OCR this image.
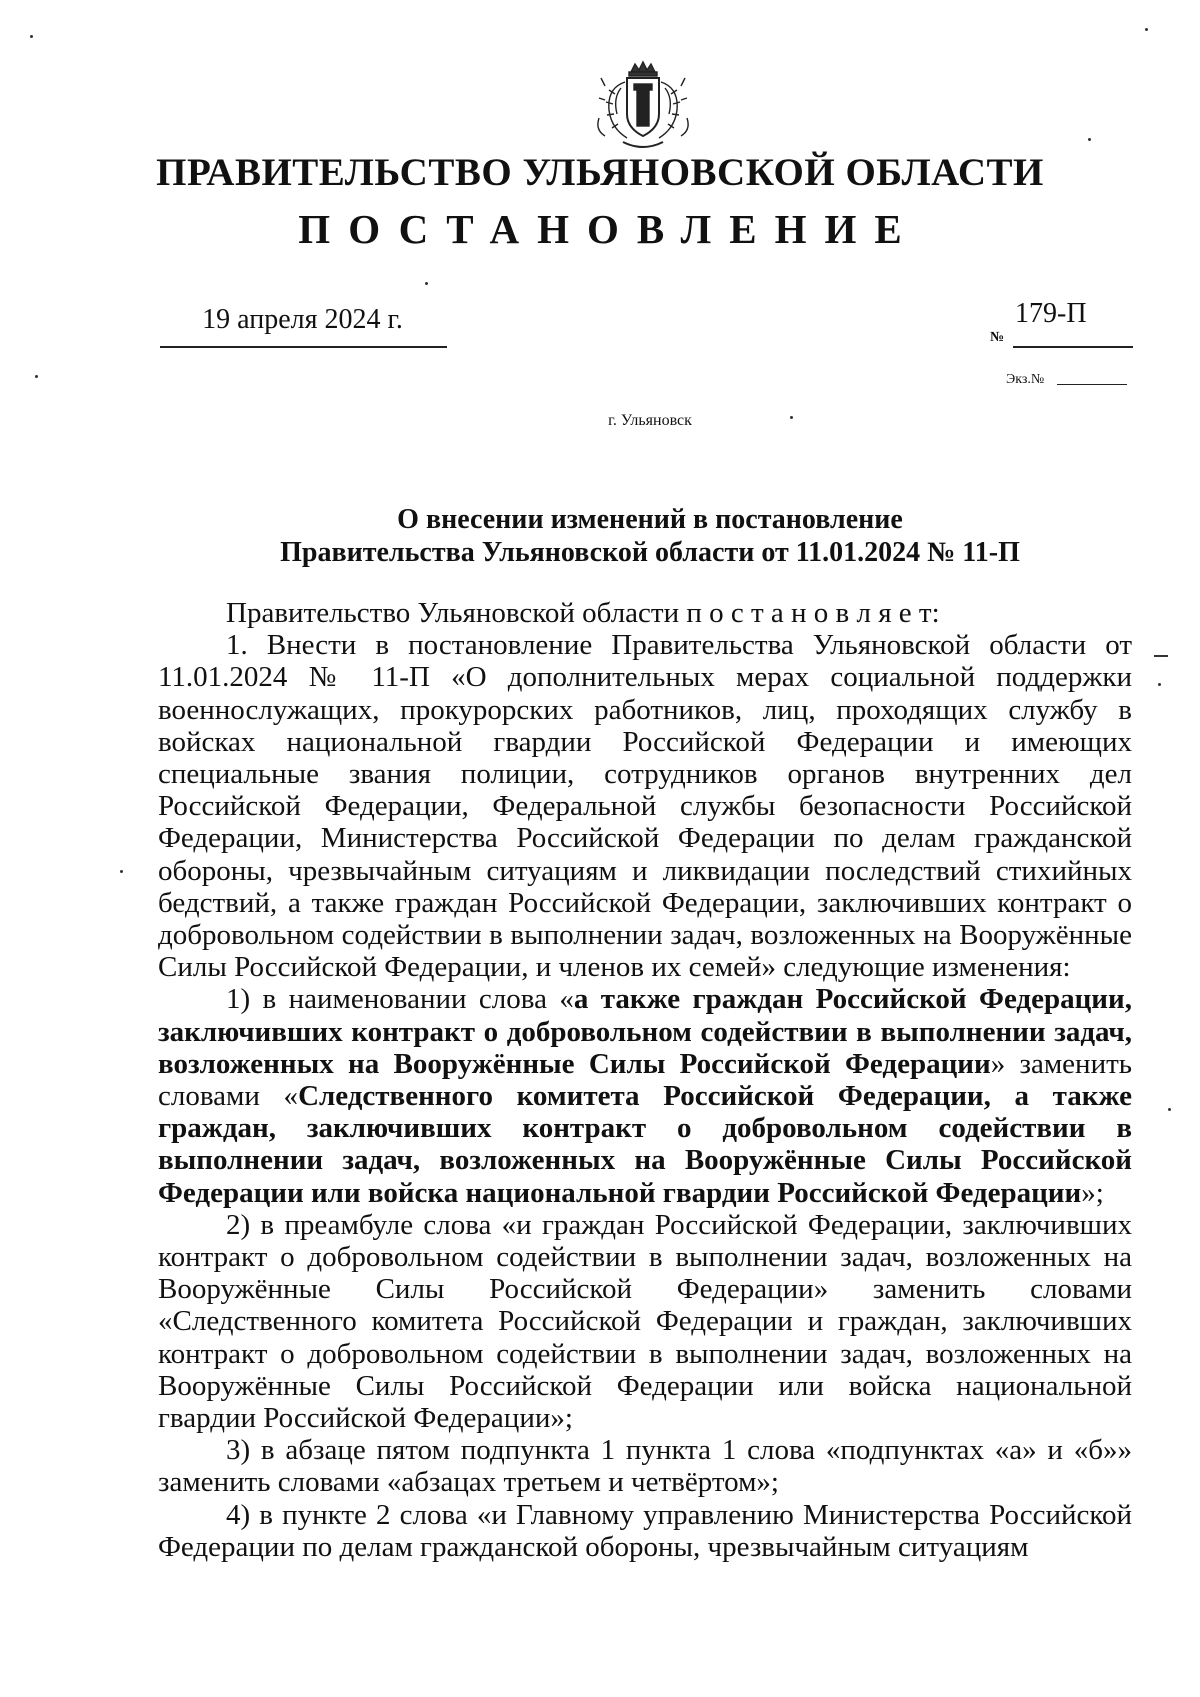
ПРАВИТЕЛЬСТВО УЛЬЯНОВСКОЙ ОБЛАСТИ
ПОСТАНОВЛЕНИЕ
19 апреля 2024 г.	179-П
№
Экз.№
г. Ульяновск
О внесении изменений в постановление
Правительства Ульяновской области от 11.01.2024 № 11-П

Правительство Ульяновской области п о с т а н о в л я е т:

1. Внести в постановление Правительства Ульяновской области от 11.01.2024 № 11-П «О дополнительных мерах социальной поддержки военнослужащих, прокурорских работников, лиц, проходящих службу в войсках национальной гвардии Российской Федерации и имеющих специальные звания полиции, сотрудников органов внутренних дел Российской Федерации, Федеральной службы безопасности Российской Федерации, Министерства Российской Федерации по делам гражданской обороны, чрезвычайным ситуациям и ликвидации последствий стихийных бедствий, а также граждан Российской Федерации, заключивших контракт о добровольном содействии в выполнении задач, возложенных на Вооружённые Силы Российской Федерации, и членов их семей» следующие изменения:

1) в наименовании слова «а также граждан Российской Федерации, заключивших контракт о добровольном содействии в выполнении задач, возложенных на Вооружённые Силы Российской Федерации» заменить словами «Следственного комитета Российской Федерации, а также граждан, заключивших контракт о добровольном содействии в выполнении задач, возложенных на Вооружённые Силы Российской Федерации или войска национальной гвардии Российской Федерации»;

2) в преамбуле слова «и граждан Российской Федерации, заключивших контракт о добровольном содействии в выполнении задач, возложенных на Вооружённые Силы Российской Федерации» заменить словами «Следственного комитета Российской Федерации и граждан, заключивших контракт о добровольном содействии в выполнении задач, возложенных на Вооружённые Силы Российской Федерации или войска национальной гвардии Российской Федерации»;

3) в абзаце пятом подпункта 1 пункта 1 слова «подпунктах «а» и «б»» заменить словами «абзацах третьем и четвёртом»;

4) в пункте 2 слова «и Главному управлению Министерства Российской Федерации по делам гражданской обороны, чрезвычайным ситуациям
